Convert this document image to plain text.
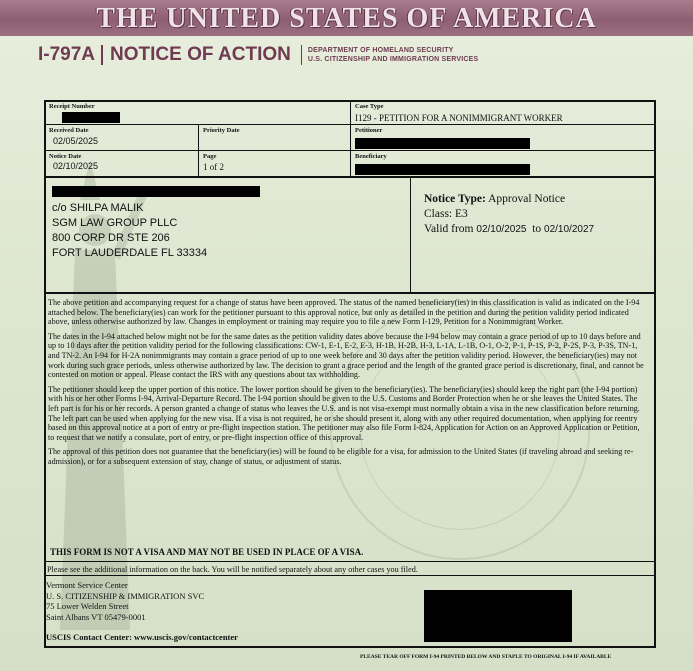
THE UNITED STATES OF AMERICA
I-797A NOTICE OF ACTION DEPARTMENT OF HOMELAND SECURITY
U.S. CITIZENSHIP AND IMMIGRATION SERVICES
Receipt Number	Case Type
I129 - PETITION FOR A NONIMMIGRANT WORKER
Received Date
02/05/2025
Priority Date	Petitioner
Notice Date
02/10/2025
Page
1 of 2
Beneficiary
c/o SHILPA MALIK
SGM LAW GROUP PLLC
800 CORP DR STE 206
FORT LAUDERDALE FL 33334
Notice Type: Approval Notice
Class: E3
Valid from 02/10/2025 to 02/10/2027

The above petition and accompanying request for a change of status have been approved. The status of the named beneficiary(ies) in this classification is valid as indicated on the I-94 attached below. The beneficiary(ies) can work for the petitioner pursuant to this approval notice, but only as detailed in the petition and during the petition validity period indicated above, unless otherwise authorized by law. Changes in employment or training may require you to file a new Form I-129, Petition for a Nonimmigrant Worker.

The dates in the I-94 attached below might not be for the same dates as the petition validity dates above because the I-94 below may contain a grace period of up to 10 days before and up to 10 days after the petition validity period for the following classifications: CW-1, E-1, E-2, E-3, H-1B, H-2B, H-3, L-1A, L-1B, O-1, O-2, P-1, P-1S, P-2, P-2S, P-3, P-3S, TN-1, and TN-2. An I-94 for H-2A nonimmigrants may contain a grace period of up to one week before and 30 days after the petition validity period. However, the beneficiary(ies) may not work during such grace periods, unless otherwise authorized by law. The decision to grant a grace period and the length of the granted grace period is discretionary, final, and cannot be contested on motion or appeal. Please contact the IRS with any questions about tax withholding.

The petitioner should keep the upper portion of this notice. The lower portion should be given to the beneficiary(ies). The beneficiary(ies) should keep the right part (the I-94 portion) with his or her other Forms I-94, Arrival-Departure Record. The I-94 portion should be given to the U.S. Customs and Border Protection when he or she leaves the United States. The left part is for his or her records. A person granted a change of status who leaves the U.S. and is not visa-exempt must normally obtain a visa in the new classification before returning. The left part can be used when applying for the new visa. If a visa is not required, he or she should present it, along with any other required documentation, when applying for reentry based on this approval notice at a port of entry or pre-flight inspection station. The petitioner may also file Form I-824, Application for Action on an Approved Application or Petition, to request that we notify a consulate, port of entry, or pre-flight inspection office of this approval.

The approval of this petition does not guarantee that the beneficiary(ies) will be found to be eligible for a visa, for admission to the United States (if traveling abroad and seeking re-admission), or for a subsequent extension of stay, change of status, or adjustment of status.

THIS FORM IS NOT A VISA AND MAY NOT BE USED IN PLACE OF A VISA.
Please see the additional information on the back. You will be notified separately about any other cases you filed.
Vermont Service Center
U. S. CITIZENSHIP & IMMIGRATION SVC
75 Lower Welden Street
Saint Albans VT 05479-0001
USCIS Contact Center: www.uscis.gov/contactcenter
PLEASE TEAR OFF FORM I-94 PRINTED BELOW AND STAPLE TO ORIGINAL I-94 IF AVAILABLE
